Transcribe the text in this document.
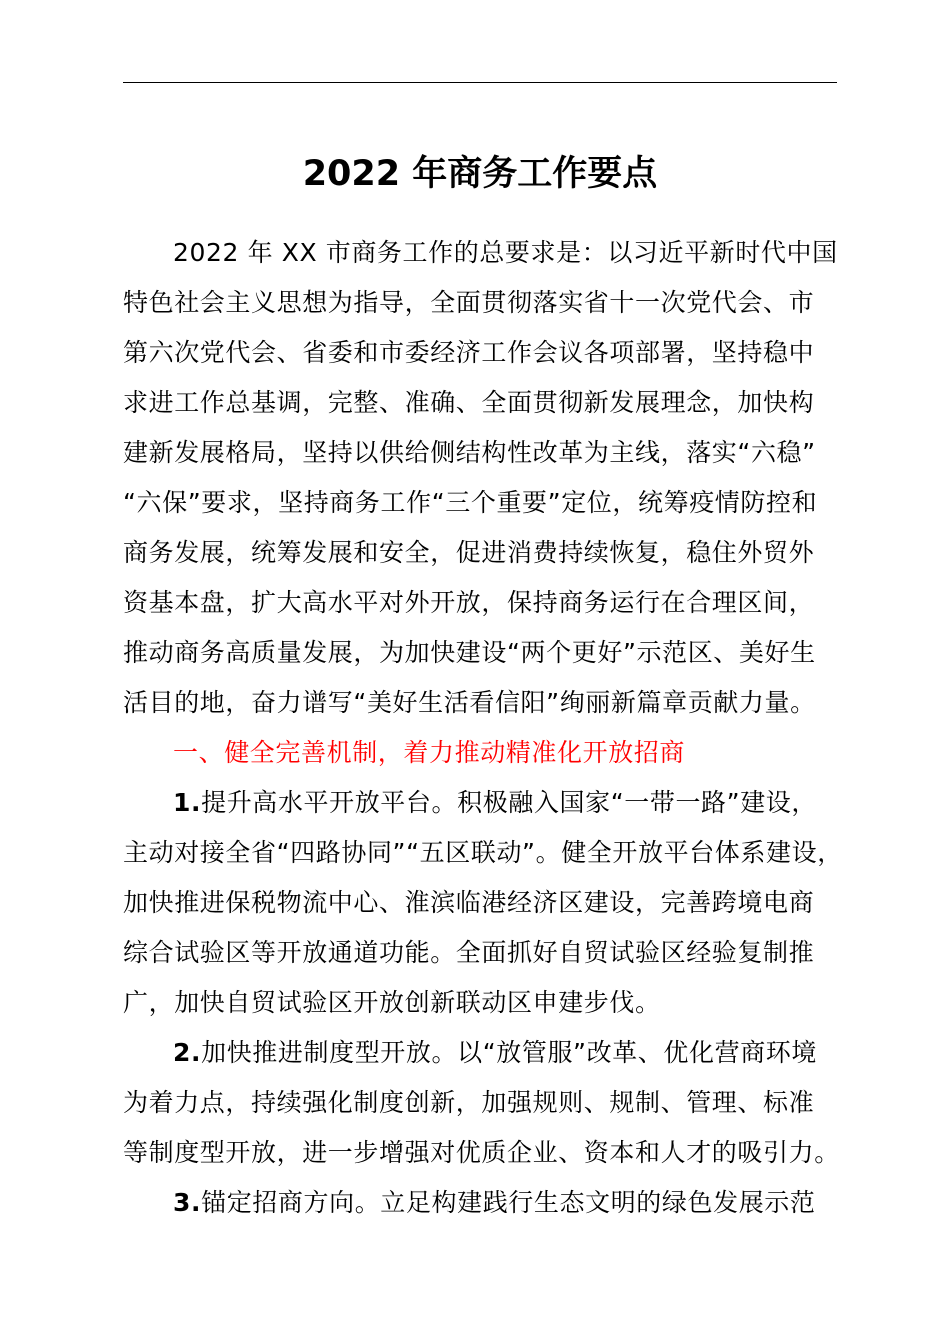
2022 年商务工作要点

2022 年 XX 市商务工作的总要求是：以习近平新时代中国
特色社会主义思想为指导，全面贯彻落实省十一次党代会、市
第六次党代会、省委和市委经济工作会议各项部署，坚持稳中
求进工作总基调，完整、准确、全面贯彻新发展理念，加快构
建新发展格局，坚持以供给侧结构性改革为主线，落实“六稳”
“六保”要求，坚持商务工作“三个重要”定位，统筹疫情防控和
商务发展，统筹发展和安全，促进消费持续恢复，稳住外贸外
资基本盘，扩大高水平对外开放，保持商务运行在合理区间，
推动商务高质量发展，为加快建设“两个更好”示范区、美好生
活目的地，奋力谱写“美好生活看信阳”绚丽新篇章贡献力量。

一、健全完善机制，着力推动精准化开放招商

1.提升高水平开放平台。积极融入国家“一带一路”建设，
主动对接全省“四路协同”“五区联动”。健全开放平台体系建设，
加快推进保税物流中心、淮滨临港经济区建设，完善跨境电商
综合试验区等开放通道功能。全面抓好自贸试验区经验复制推
广，加快自贸试验区开放创新联动区申建步伐。

2.加快推进制度型开放。以“放管服”改革、优化营商环境
为着力点，持续强化制度创新，加强规则、规制、管理、标准
等制度型开放，进一步增强对优质企业、资本和人才的吸引力。

3.锚定招商方向。立足构建践行生态文明的绿色发展示范
